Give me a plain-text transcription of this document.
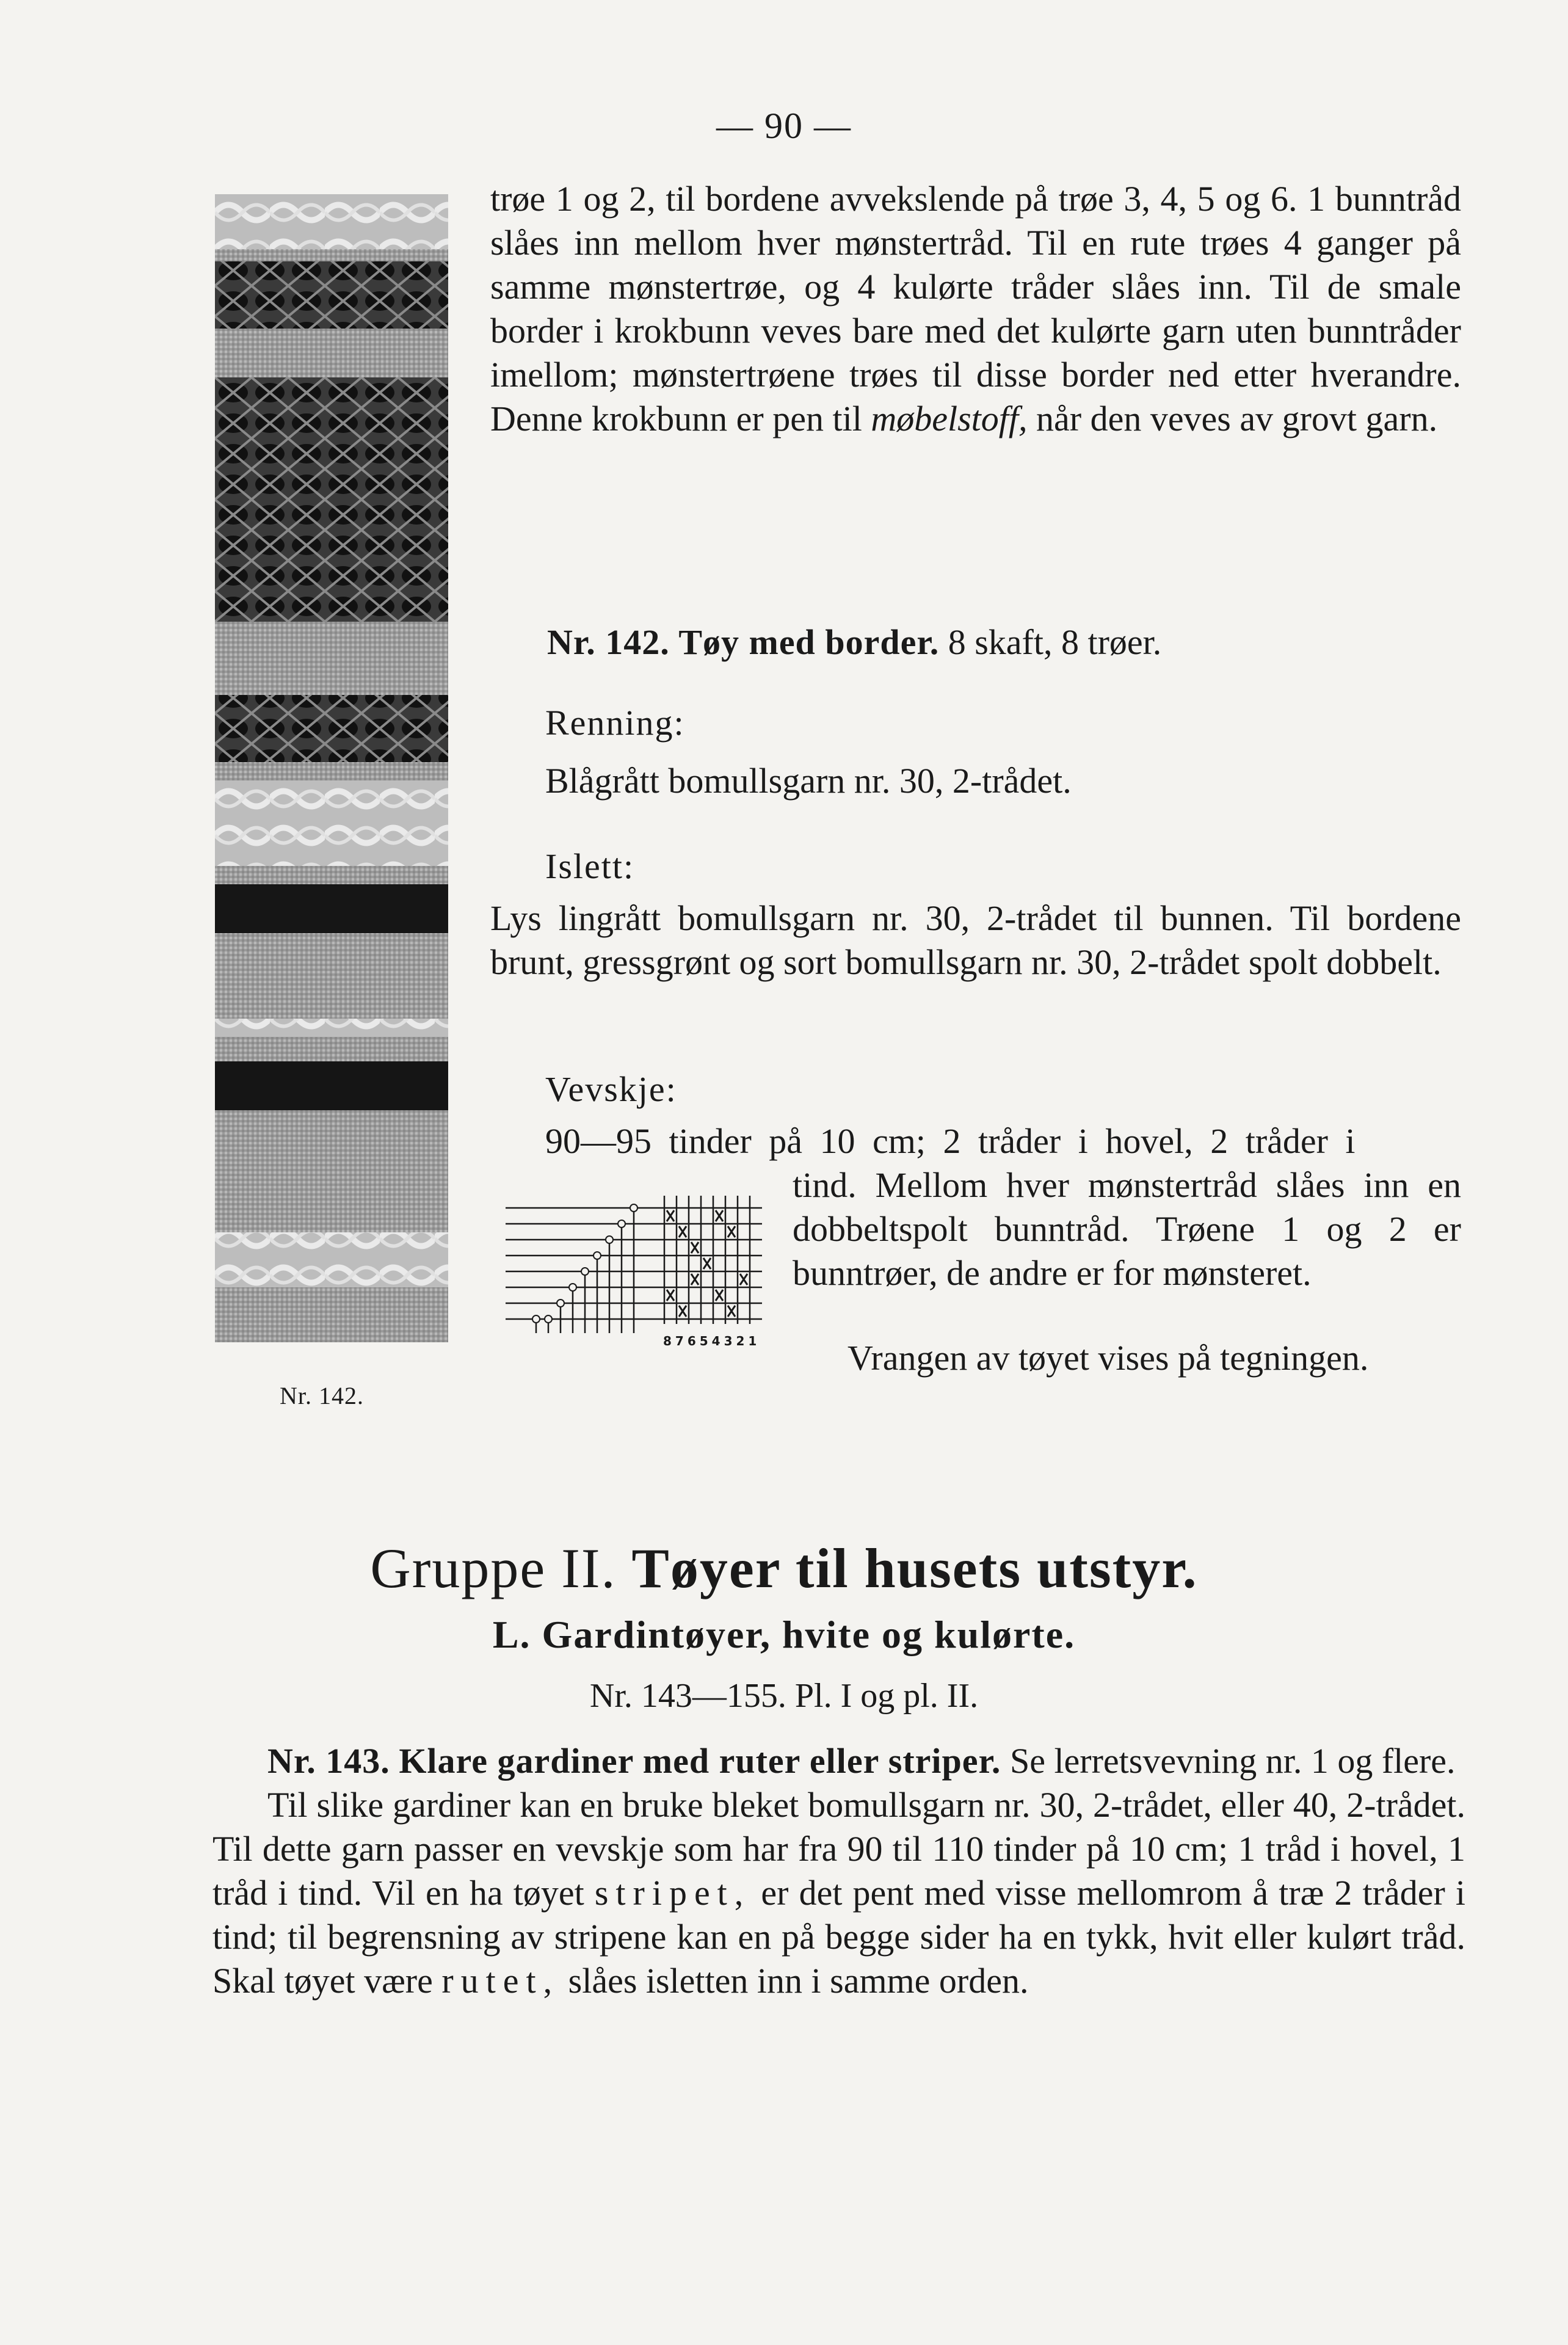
— 90 —
Nr. 142.
trøe 1 og 2, til bordene avvekslende på trøe 3, 4, 5 og 6. 1 bunntråd slåes inn mellom hver mønstertråd. Til en rute trøes 4 ganger på samme mønstertrøe, og 4 kulørte tråder slåes inn. Til de smale border i krokbunn veves bare med det kulørte garn uten bunntråder imellom; mønstertrøene trøes til disse border ned etter hverandre. Denne krokbunn er pen til møbelstoff, når den veves av grovt garn.
Nr. 142. Tøy med border. 8 skaft, 8 trøer.
Renning:
Blågrått bomullsgarn nr. 30, 2-trådet.
Islett:
Lys lingrått bomullsgarn nr. 30, 2-trådet til bunnen. Til bordene brunt, gressgrønt og sort bomullsgarn nr. 30, 2-trådet spolt dobbelt.
Vevskje:
90—95 tinder på 10 cm; 2 tråder i hovel, 2 tråder i
tind. Mellom hver mønstertråd slåes inn en dobbeltspolt bunntråd. Trøene 1 og 2 er bunntrøer, de andre er for mønsteret.
Vrangen av tøyet vises på tegningen.
87654321
Gruppe II. Tøyer til husets utstyr.
L. Gardintøyer, hvite og kulørte.
Nr. 143—155. Pl. I og pl. II.
Nr. 143. Klare gardiner med ruter eller striper. Se lerretsvevning nr. 1 og flere.
Til slike gardiner kan en bruke bleket bomullsgarn nr. 30, 2-trådet, eller 40, 2-trådet. Til dette garn passer en vevskje som har fra 90 til 110 tinder på 10 cm; 1 tråd i hovel, 1 tråd i tind. Vil en ha tøyet stripet, er det pent med visse mellomrom å træ 2 tråder i tind; til begrensning av stripene kan en på begge sider ha en tykk, hvit eller kulørt tråd. Skal tøyet være rutet, slåes isletten inn i samme orden.
